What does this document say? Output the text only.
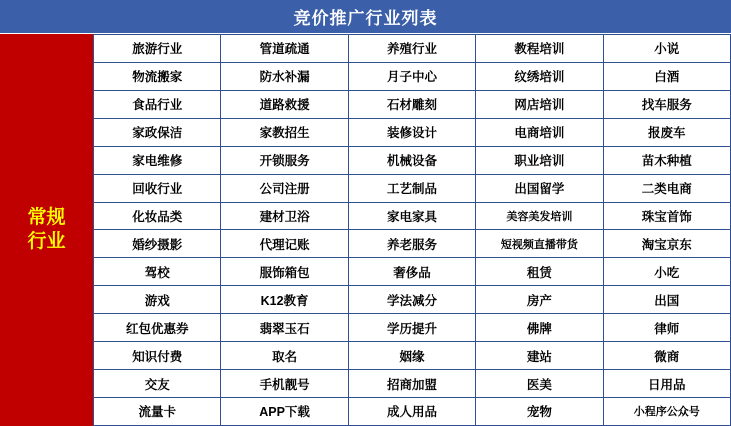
竞价推广行业列表
常规
行业
旅游行业	管道疏通	养殖行业	教程培训	小说
物流搬家	防水补漏	月子中心	纹绣培训	白酒
食品行业	道路救援	石材雕刻	网店培训	找车服务
家政保洁	家教招生	装修设计	电商培训	报废车
家电维修	开锁服务	机械设备	职业培训	苗木种植
回收行业	公司注册	工艺制品	出国留学	二类电商
化妆品类	建材卫浴	家电家具	美容美发培训	珠宝首饰
婚纱摄影	代理记账	养老服务	短视频直播带货	淘宝京东
驾校	服饰箱包	奢侈品	租赁	小吃
游戏	K12教育	学法减分	房产	出国
红包优惠券	翡翠玉石	学历提升	佛牌	律师
知识付费	取名	姻缘	建站	微商
交友	手机靓号	招商加盟	医美	日用品
流量卡	APP下载	成人用品	宠物	小程序公众号
